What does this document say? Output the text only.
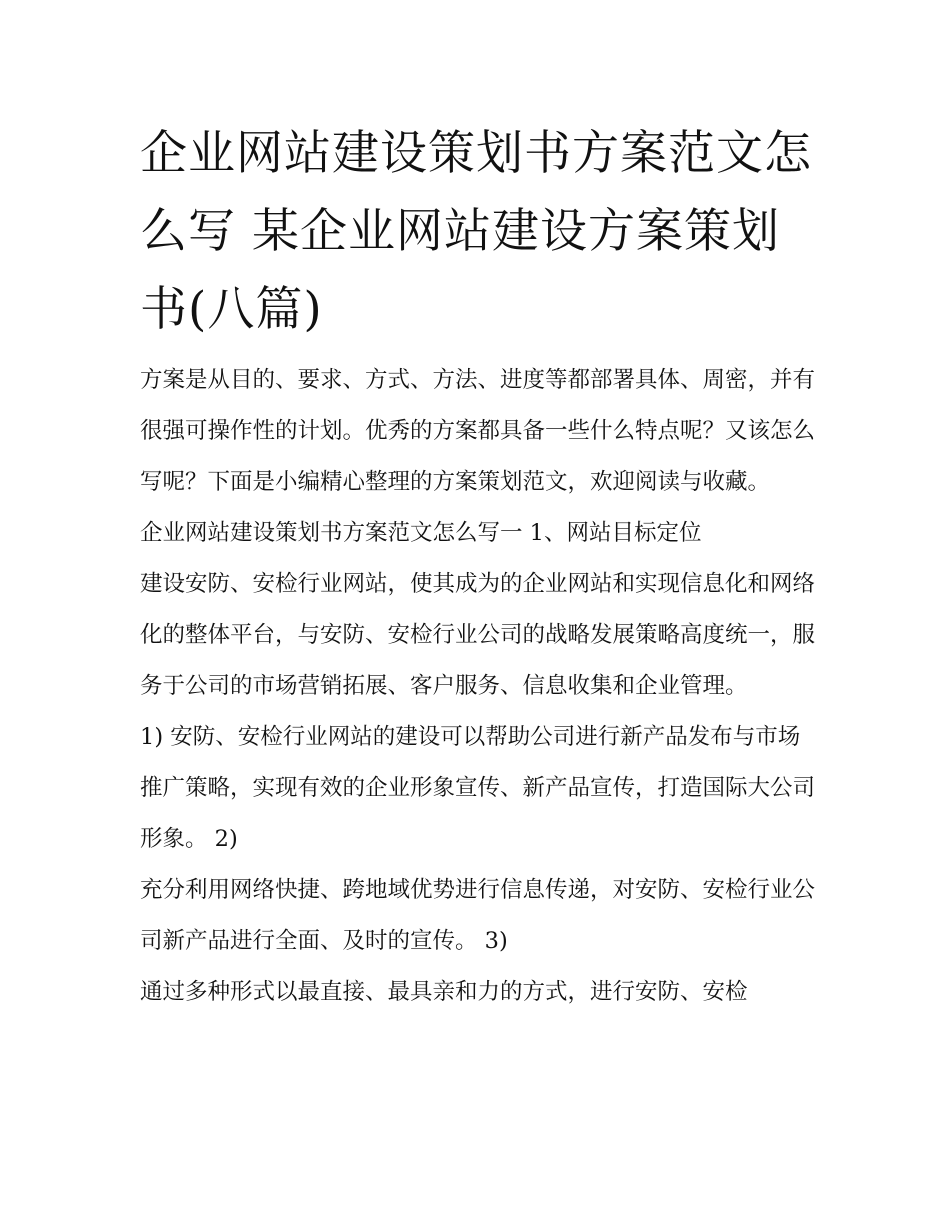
企业网站建设策划书方案范文怎么写 某企业网站建设方案策划书(八篇)

方案是从目的、要求、方式、方法、进度等都部署具体、周密，并有很强可操作性的计划。优秀的方案都具备一些什么特点呢？又该怎么写呢？下面是小编精心整理的方案策划范文，欢迎阅读与收藏。

企业网站建设策划书方案范文怎么写一 1、网站目标定位

建设安防、安检行业网站，使其成为的企业网站和实现信息化和网络化的整体平台，与安防、安检行业公司的战略发展策略高度统一，服务于公司的市场营销拓展、客户服务、信息收集和企业管理。

1) 安防、安检行业网站的建设可以帮助公司进行新产品发布与市场推广策略，实现有效的企业形象宣传、新产品宣传，打造国际大公司形象。 2)

充分利用网络快捷、跨地域优势进行信息传递，对安防、安检行业公司新产品进行全面、及时的宣传。 3)

通过多种形式以最直接、最具亲和力的方式，进行安防、安检
